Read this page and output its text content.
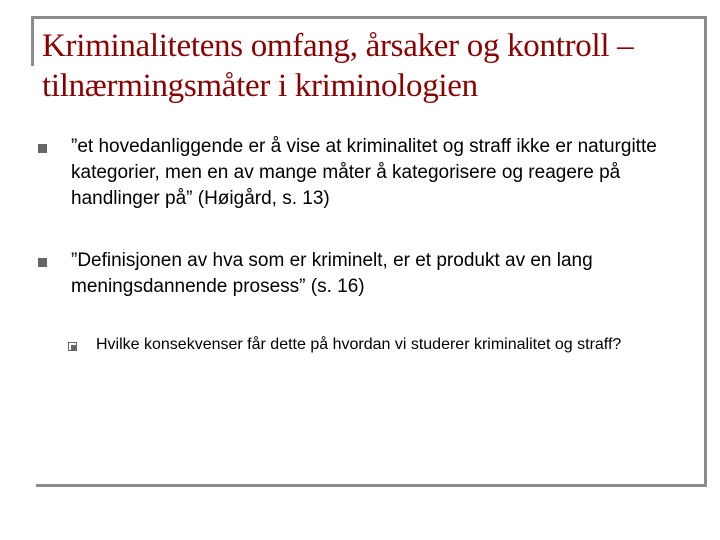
Kriminalitetens omfang, årsaker og kontroll – tilnærmingsmåter i kriminologien
”et hovedanliggende er å vise at kriminalitet og straff ikke er naturgitte kategorier, men en av mange måter å kategorisere og reagere på handlinger på” (Høigård, s. 13)
”Definisjonen av hva som er kriminelt, er et produkt av en lang meningsdannende prosess” (s. 16)
Hvilke konsekvenser får dette på hvordan vi studerer kriminalitet og straff?
